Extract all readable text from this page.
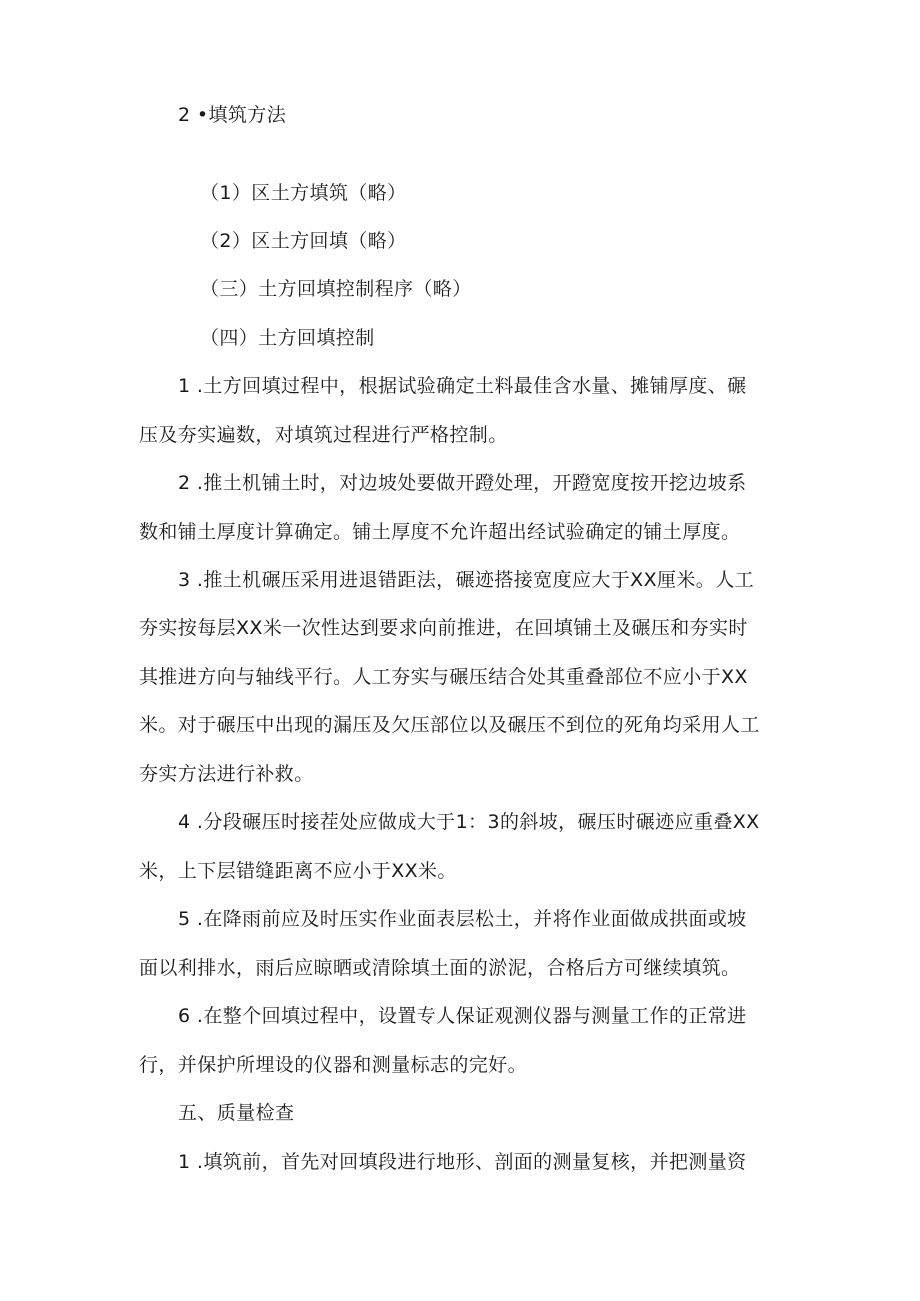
2 •填筑方法
（1）区土方填筑（略）
（2）区土方回填（略）
（三）土方回填控制程序（略）
（四）土方回填控制
1 .土方回填过程中，根据试验确定土料最佳含水量、摊铺厚度、碾
压及夯实遍数，对填筑过程进行严格控制。
2 .推土机铺土时，对边坡处要做开蹬处理，开蹬宽度按开挖边坡系
数和铺土厚度计算确定。铺土厚度不允许超出经试验确定的铺土厚度。
3 .推土机碾压采用进退错距法，碾迹搭接宽度应大于XX厘米。人工
夯实按每层XX米一次性达到要求向前推进，在回填铺土及碾压和夯实时
其推进方向与轴线平行。人工夯实与碾压结合处其重叠部位不应小于XX
米。对于碾压中出现的漏压及欠压部位以及碾压不到位的死角均采用人工
夯实方法进行补救。
4 .分段碾压时接茬处应做成大于1：3的斜坡，碾压时碾迹应重叠XX
米，上下层错缝距离不应小于XX米。
5 .在降雨前应及时压实作业面表层松土，并将作业面做成拱面或坡
面以利排水，雨后应晾晒或清除填土面的淤泥，合格后方可继续填筑。
6 .在整个回填过程中，设置专人保证观测仪器与测量工作的正常进
行，并保护所埋设的仪器和测量标志的完好。
五、质量检查
1 .填筑前，首先对回填段进行地形、剖面的测量复核，并把测量资
